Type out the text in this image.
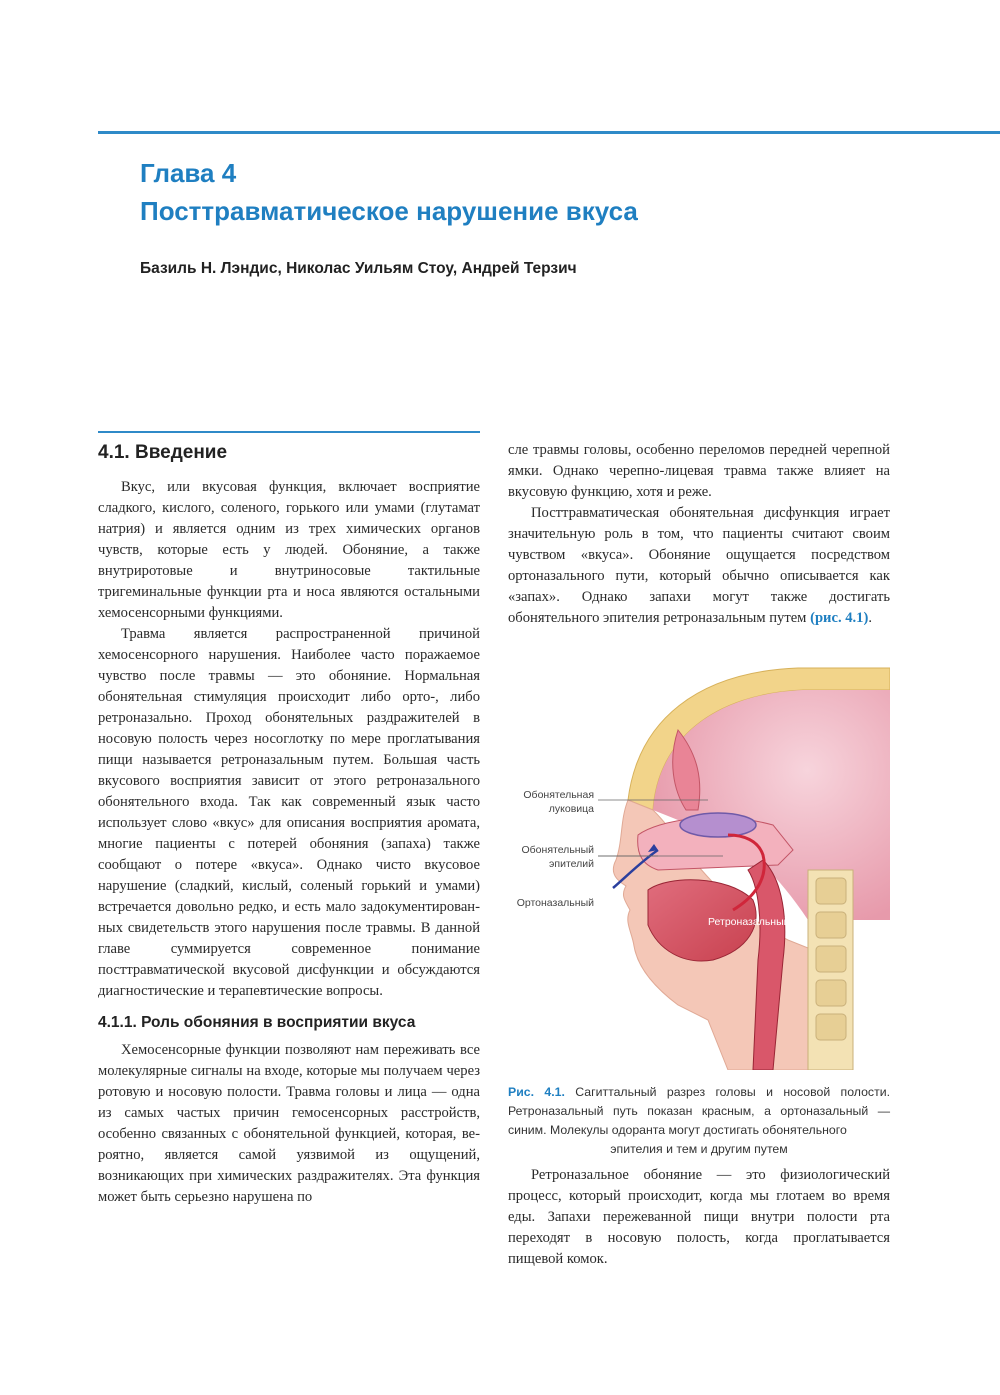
Глава 4
Посттравматическое нарушение вкуса
Базиль Н. Лэндис, Николас Уильям Стоу, Андрей Терзич
4.1. Введение

Вкус, или вкусовая функция, включает восприятие сладкого, кислого, соленого, горького или умами (глутамат натрия) и является одним из трех химических органов чувств, которые есть у людей. Обоняние, а также внутриротовые и внутриносовые тактильные тригеминальные функции рта и носа являются остальными хемосенсорными функциями.

Травма является распространенной причиной хемосенсорного нарушения. Наиболее часто поражаемое чувство после травмы — это обоняние. Нормальная обонятельная стимуляция происходит либо орто-, либо ретроназально. Проход обонятельных раздражителей в носовую полость через носоглотку по мере проглатывания пищи называется ретроназальным путем. Большая часть вкусового восприятия зависит от этого ретроназального обонятельного входа. Так как современный язык часто использует слово «вкус» для описания восприятия аромата, многие пациенты с потерей обоняния (запаха) также сообщают о потере «вкуса». Однако чисто вкусовое нарушение (сладкий, кислый, соленый горький и умами) встречается довольно редко, и есть мало задокументированных свидетельств этого нарушения после травмы. В данной главе суммируется современное понимание посттравматической вкусовой дисфункции и обсуждаются диагностические и терапевтические вопросы.

4.1.1. Роль обоняния в восприятии вкуса

Хемосенсорные функции позволяют нам переживать все молекулярные сигналы на входе, которые мы получаем через ротовую и носовую полости. Травма головы и лица — одна из самых частых причин гемосенсорных расстройств, особенно связанных с обонятельной функцией, которая, вероятно, является самой уязвимой из ощущений, возникающих при химических раздражителях. Эта функция может быть серьезно нарушена по

сле травмы головы, особенно переломов передней черепной ямки. Однако черепно-лицевая травма также влияет на вкусовую функцию, хотя и реже.

Посттравматическая обонятельная дисфункция играет значительную роль в том, что пациенты считают своим чувством «вкуса». Обоняние ощущается посредством ортоназального пути, который обычно описывается как «запах». Однако запахи могут также достигать обонятельного эпителия ретроназальным путем (рис. 4.1).

Обонятельная
луковица
Обонятельный
эпителий
Ортоназальный
Ретроназальный
Рис. 4.1. Сагиттальный разрез головы и носовой полости. Ретроназальный путь показан красным, а ортоназальный — синим. Молекулы одоранта могут достигать обонятельного
эпителия и тем и другим путем

Ретроназальное обоняние — это физиологический процесс, который происходит, когда мы глотаем во время еды. Запахи пережеванной пищи внутри полости рта переходят в носовую полость, когда проглатывается пищевой комок.
